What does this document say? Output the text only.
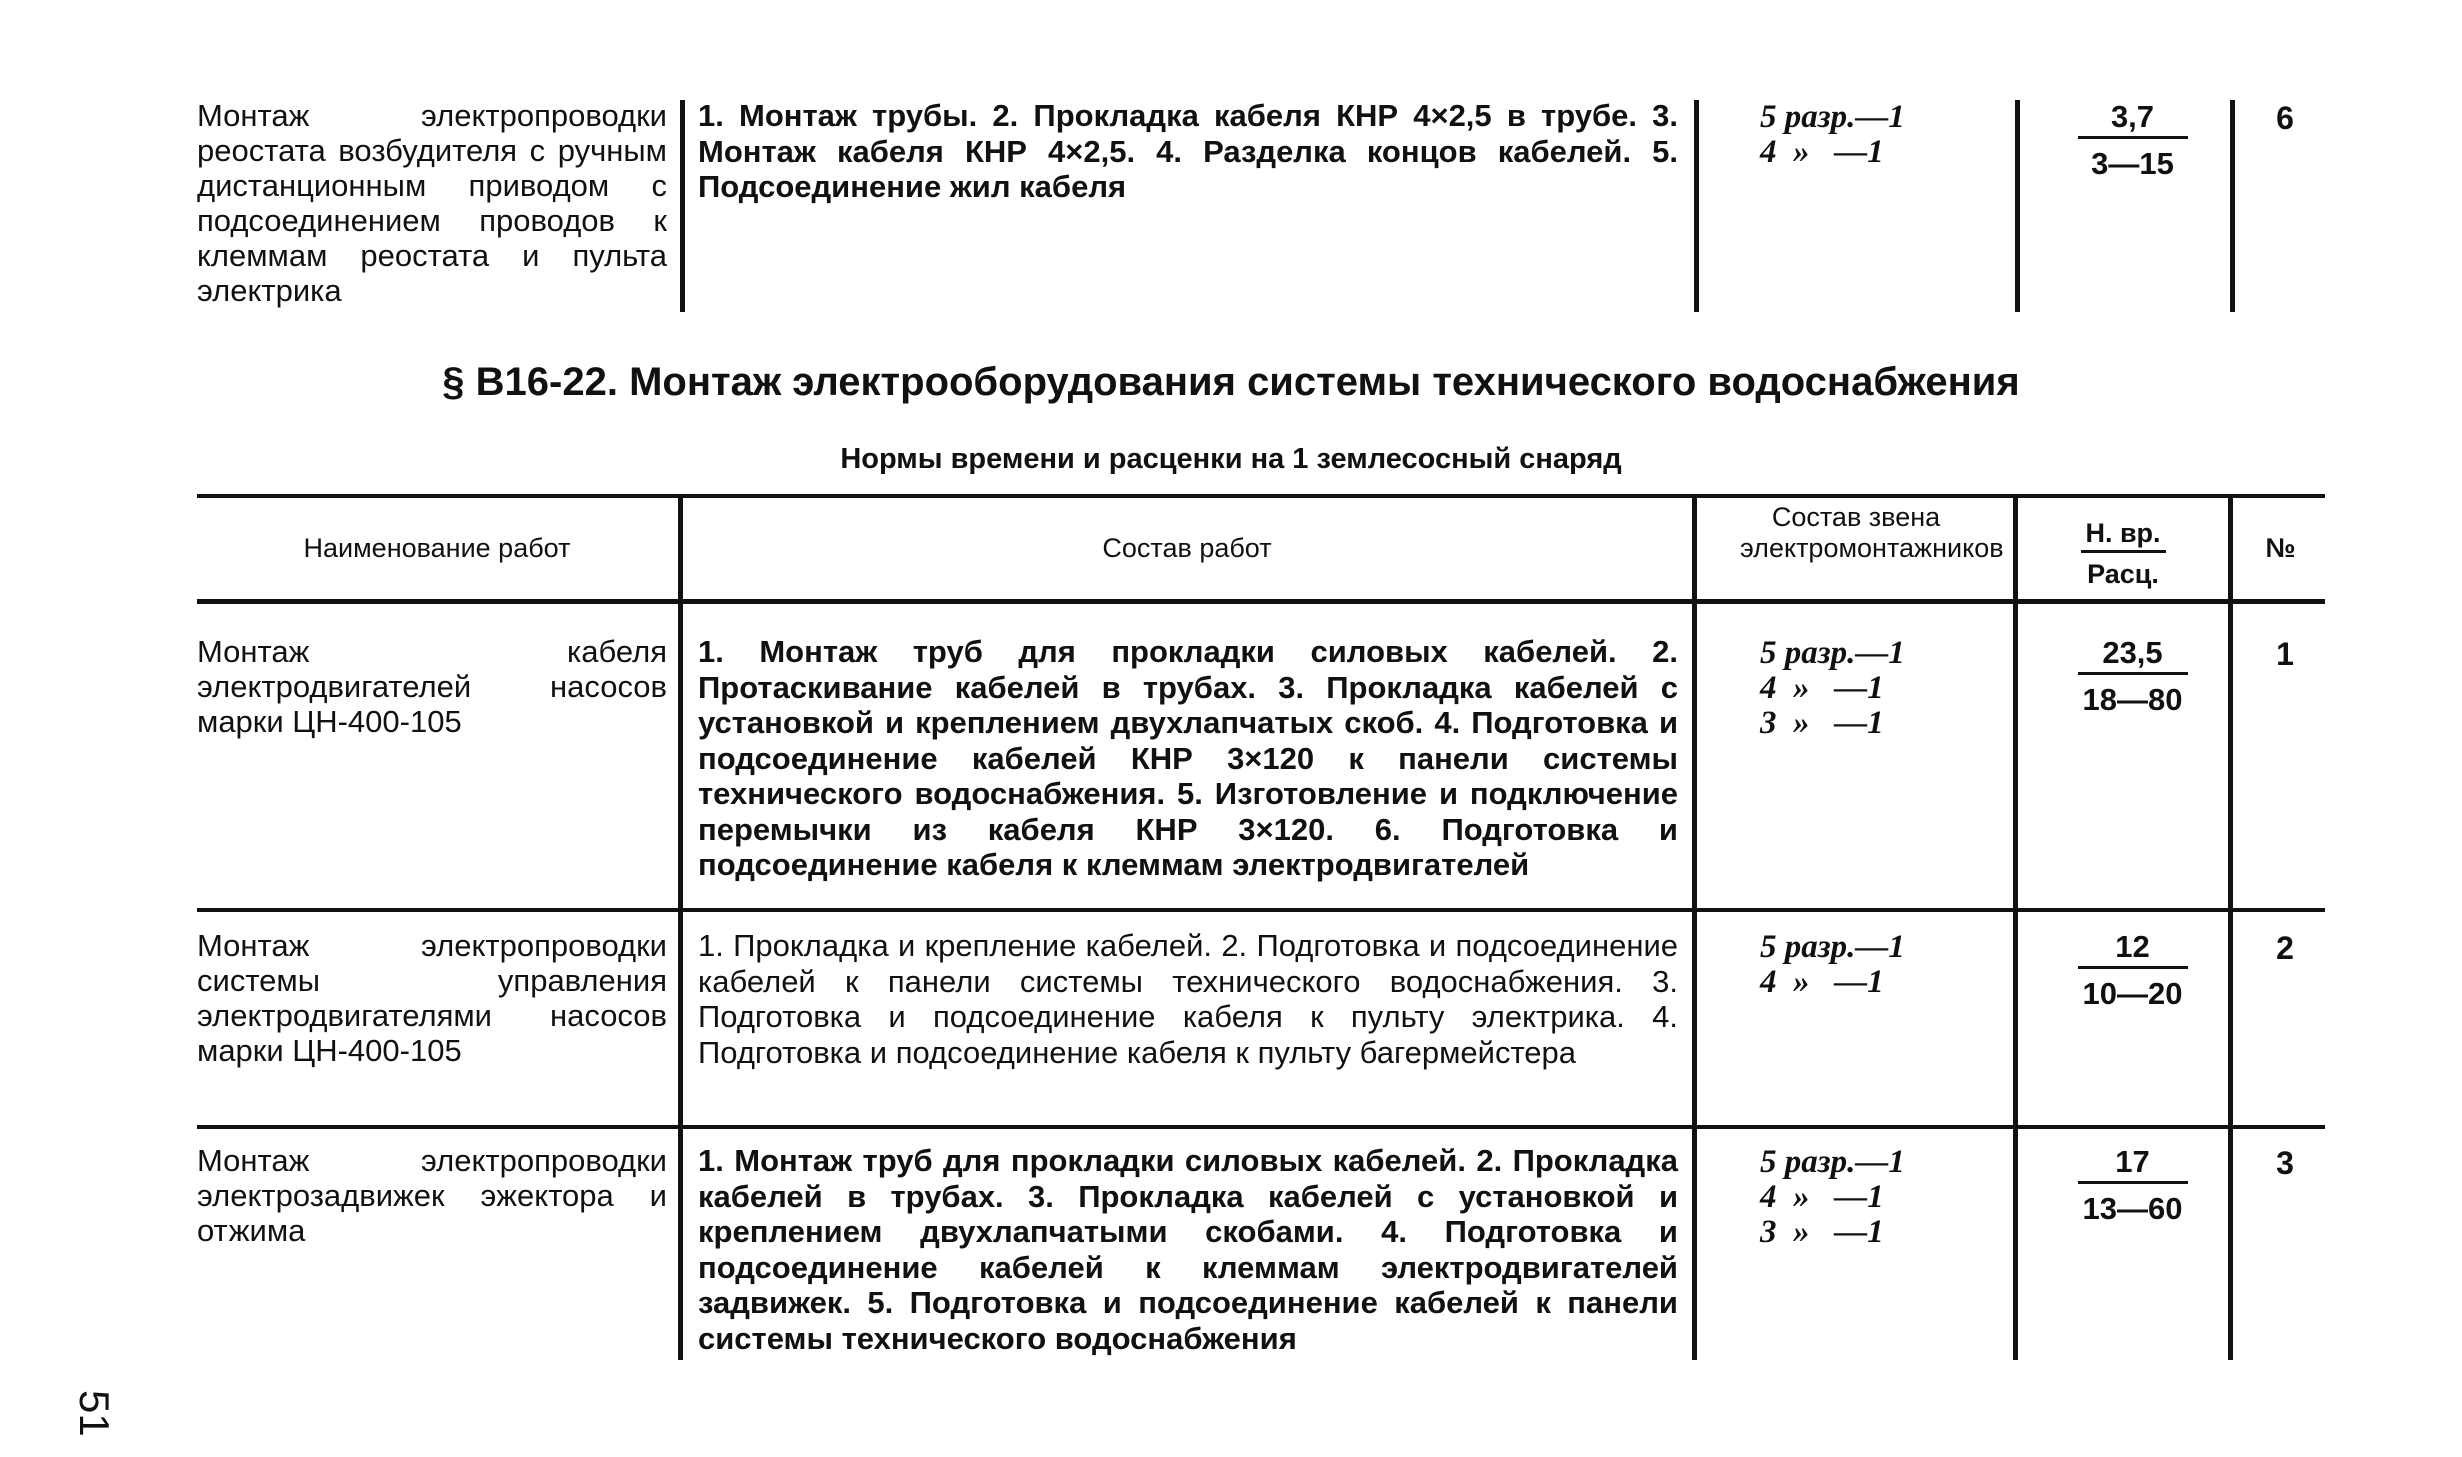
Монтаж электропроводки реостата возбудителя с ручным дистанционным приводом с подсоединением проводов к клеммам реостата и пульта электрика
1. Монтаж трубы. 2. Прокладка кабеля КНР 4×2,5 в трубе. 3. Монтаж кабеля КНР 4×2,5. 4. Разделка концов кабелей. 5. Подсоединение жил кабеля
5 разр.—1
4  »   —1
3,7
3—15
6
§ В16-22. Монтаж электрооборудования системы технического водоснабжения
Нормы времени и расценки на 1 землесосный снаряд
Наименование работ	Состав работ
Состав звена электромонтажников	Н. вр.
Расц.
№
Монтаж кабеля электродвигателей насосов марки ЦН-400-105
1. Монтаж труб для прокладки силовых кабелей. 2. Протаскивание кабелей в трубах. 3. Прокладка кабелей с установкой и креплением двухлапчатых скоб. 4. Подготовка и подсоединение кабелей КНР 3×120 к панели системы технического водоснабжения. 5. Изготовление и подключение перемычки из кабеля КНР 3×120. 6. Подготовка и подсоединение кабеля к клеммам электродвигателей
5 разр.—1
4  »   —1
3  »   —1
23,5
18—80
1
Монтаж электропроводки системы управления электродвигателями насосов марки ЦН-400-105
1. Прокладка и крепление кабелей. 2. Подготовка и подсоединение кабелей к панели системы технического водоснабжения. 3. Подготовка и подсоединение кабеля к пульту электрика. 4. Подготовка и подсоединение кабеля к пульту багермейстера
5 разр.—1
4  »   —1
12
10—20
2
Монтаж электропроводки электрозадвижек эжектора и отжима
1. Монтаж труб для прокладки силовых кабелей. 2. Прокладка кабелей в трубах. 3. Прокладка кабелей с установкой и креплением двухлапчатыми скобами. 4. Подготовка и подсоединение кабелей к клеммам электродвигателей задвижек. 5. Подготовка и подсоединение кабелей к панели системы технического водоснабжения
5 разр.—1
4  »   —1
3  »   —1
17
13—60
3
51
